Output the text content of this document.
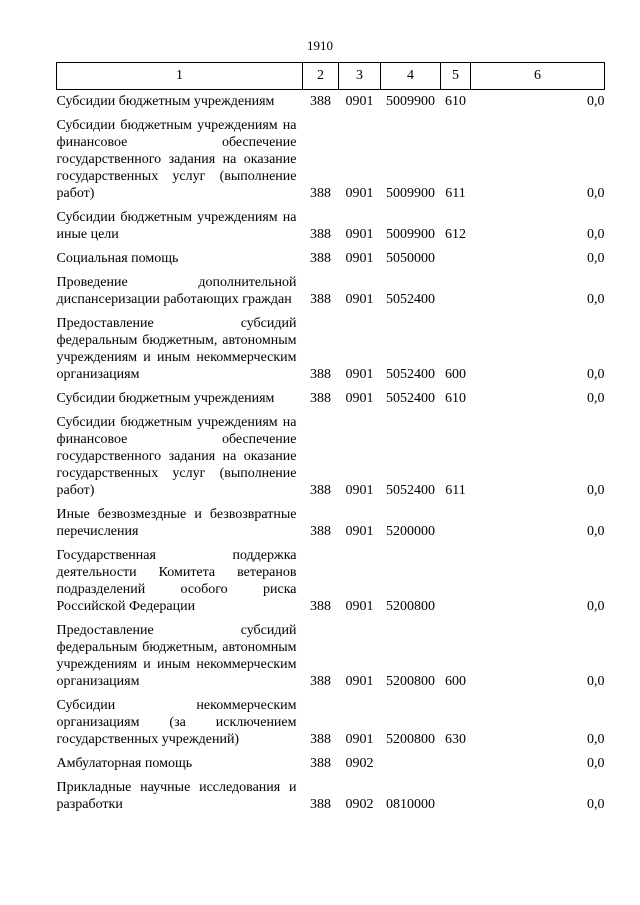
1910
1	2	3	4	5	6
Субсидии бюджетным учреждениям	388	0901	5009900	610	0,0
Субсидии бюджетным учреждениям на финансовое обеспечение государственного задания на оказание государственных услуг (выполнение работ)	388	0901	5009900	611	0,0
Субсидии бюджетным учреждениям на иные цели	388	0901	5009900	612	0,0
Социальная помощь	388	0901	5050000		0,0
Проведение дополнительной диспансеризации работающих граждан	388	0901	5052400		0,0
Предоставление субсидий федеральным бюджетным, автономным учреждениям и иным некоммерческим организациям	388	0901	5052400	600	0,0
Субсидии бюджетным учреждениям	388	0901	5052400	610	0,0
Субсидии бюджетным учреждениям на финансовое обеспечение государственного задания на оказание государственных услуг (выполнение работ)	388	0901	5052400	611	0,0
Иные безвозмездные и безвозвратные перечисления	388	0901	5200000		0,0
Государственная поддержка деятельности Комитета ветеранов подразделений особого риска Российской Федерации	388	0901	5200800		0,0
Предоставление субсидий федеральным бюджетным, автономным учреждениям и иным некоммерческим организациям	388	0901	5200800	600	0,0
Субсидии некоммерческим организациям (за исключением государственных учреждений)	388	0901	5200800	630	0,0
Амбулаторная помощь	388	0902			0,0
Прикладные научные исследования и разработки	388	0902	0810000		0,0
